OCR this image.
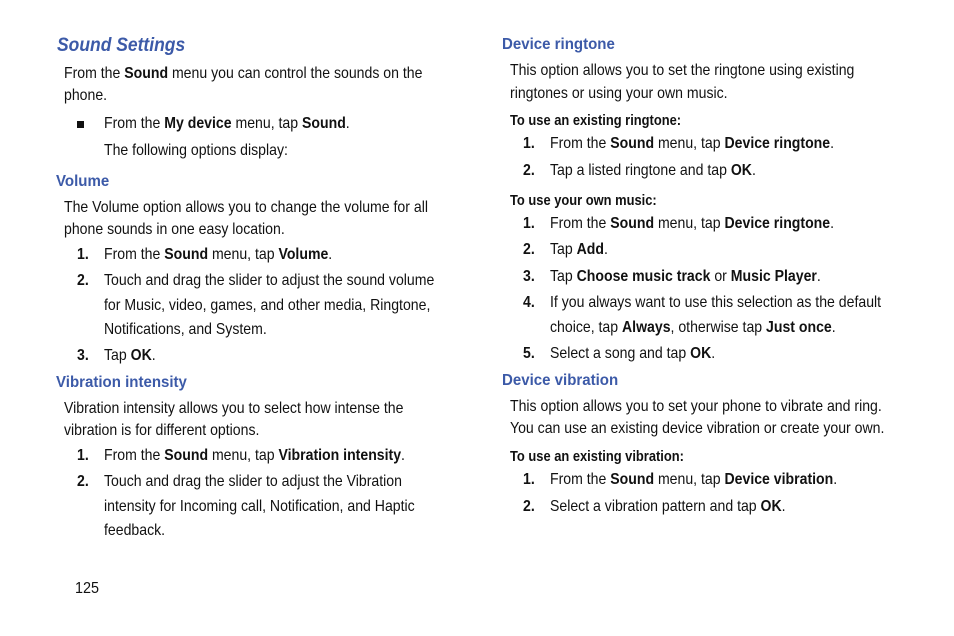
Sound Settings
From the Sound menu you can control the sounds on the
phone.
From the My device menu, tap Sound.
The following options display:
Volume
The Volume option allows you to change the volume for all
phone sounds in one easy location.
1. From the Sound menu, tap Volume.
2. Touch and drag the slider to adjust the sound volume
for Music, video, games, and other media, Ringtone,
Notifications, and System.
3. Tap OK.
Vibration intensity
Vibration intensity allows you to select how intense the
vibration is for different options.
1. From the Sound menu, tap Vibration intensity.
2. Touch and drag the slider to adjust the Vibration
intensity for Incoming call, Notification, and Haptic
feedback.
125
Device ringtone
This option allows you to set the ringtone using existing
ringtones or using your own music.
To use an existing ringtone:
1. From the Sound menu, tap Device ringtone.
2. Tap a listed ringtone and tap OK.
To use your own music:
1. From the Sound menu, tap Device ringtone.
2. Tap Add.
3. Tap Choose music track or Music Player.
4. If you always want to use this selection as the default
choice, tap Always, otherwise tap Just once.
5. Select a song and tap OK.
Device vibration
This option allows you to set your phone to vibrate and ring.
You can use an existing device vibration or create your own.
To use an existing vibration:
1. From the Sound menu, tap Device vibration.
2. Select a vibration pattern and tap OK.
